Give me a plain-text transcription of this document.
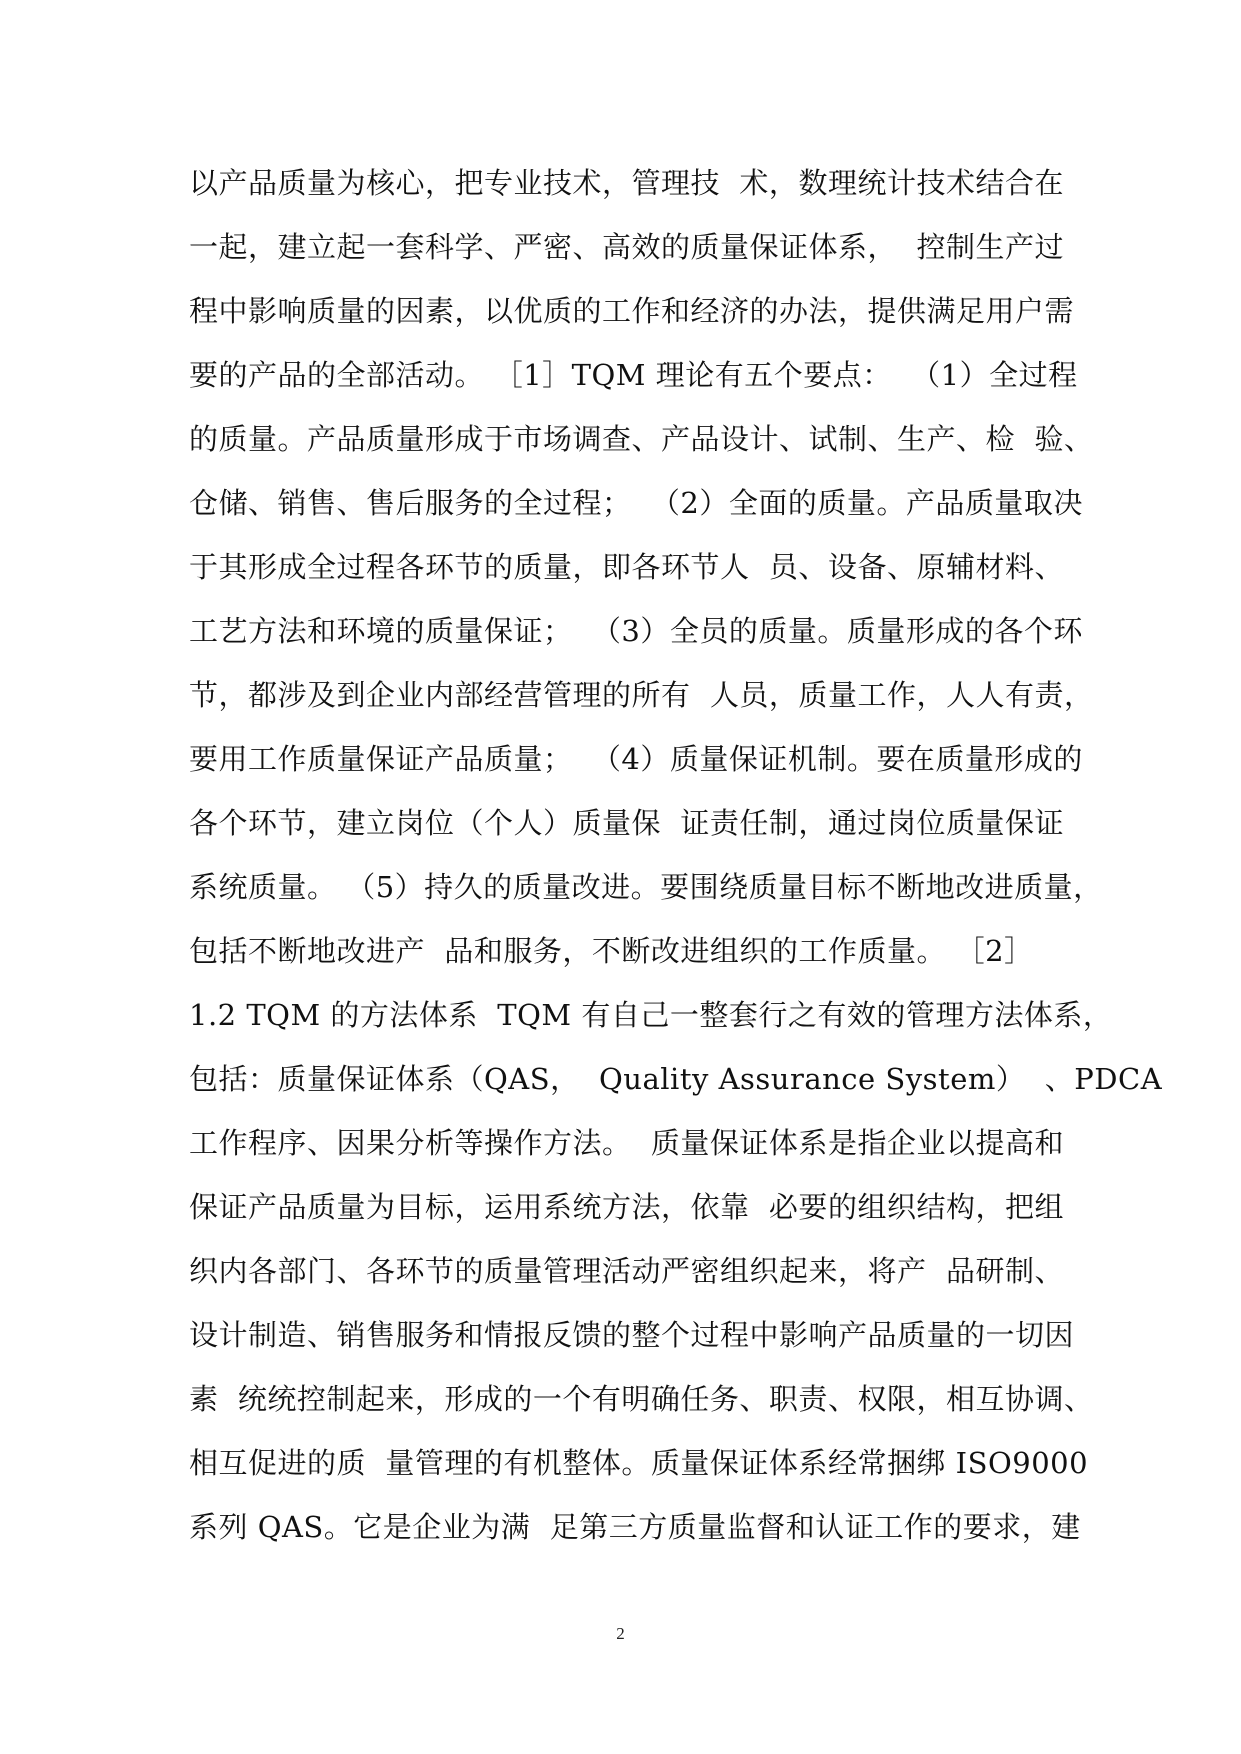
以产品质量为核心，把专业技术，管理技  术，数理统计技术结合在
一起，建立起一套科学、严密、高效的质量保证体系，  控制生产过
程中影响质量的因素，以优质的工作和经济的办法，提供满足用户需
要的产品的全部活动。 ［1］TQM 理论有五个要点：  （1）全过程
的质量。产品质量形成于市场调查、产品设计、试制、生产、检  验、
仓储、销售、售后服务的全过程；  （2）全面的质量。产品质量取决
于其形成全过程各环节的质量，即各环节人  员、设备、原辅材料、
工艺方法和环境的质量保证；  （3）全员的质量。质量形成的各个环
节，都涉及到企业内部经营管理的所有  人员，质量工作，人人有责，
要用工作质量保证产品质量；  （4）质量保证机制。要在质量形成的
各个环节，建立岗位（个人）质量保  证责任制，通过岗位质量保证
系统质量。 （5）持久的质量改进。要围绕质量目标不断地改进质量，
包括不断地改进产  品和服务，不断改进组织的工作质量。 ［2］
1.2 TQM 的方法体系  TQM 有自己一整套行之有效的管理方法体系，
包括：质量保证体系（QAS，  Quality Assurance System）  、PDCA
工作程序、因果分析等操作方法。  质量保证体系是指企业以提高和
保证产品质量为目标，运用系统方法，依靠  必要的组织结构，把组
织内各部门、各环节的质量管理活动严密组织起来，将产  品研制、
设计制造、销售服务和情报反馈的整个过程中影响产品质量的一切因
素  统统控制起来，形成的一个有明确任务、职责、权限，相互协调、
相互促进的质  量管理的有机整体。质量保证体系经常捆绑 ISO9000
系列 QAS。它是企业为满  足第三方质量监督和认证工作的要求，建
2
